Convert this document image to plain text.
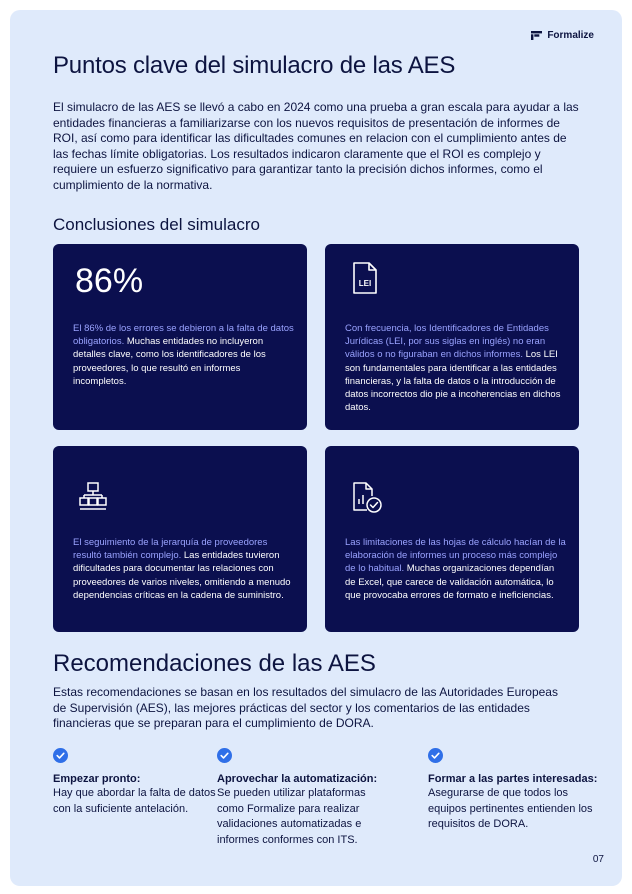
Formalize
Puntos clave del simulacro de las AES

El simulacro de las AES se llevó a cabo en 2024 como una prueba a gran escala para ayudar a las entidades financieras a familiarizarse con los nuevos requisitos de presentación de informes de ROI, así como para identificar las dificultades comunes en relacion con el cumplimiento antes de las fechas límite obligatorias. Los resultados indicaron claramente que el ROI es complejo y requiere un esfuerzo significativo para garantizar tanto la precisión dichos informes, como el cumplimiento de la normativa.

Conclusiones del simulacro
86%

El 86% de los errores se debieron a la falta de datos obligatorios. Muchas entidades no incluyeron detalles clave, como los identificadores de los proveedores, lo que resultó en informes incompletos.

LEI

Con frecuencia, los Identificadores de Entidades Jurídicas (LEI, por sus siglas en inglés) no eran válidos o no figuraban en dichos informes. Los LEI son fundamentales para identificar a las entidades financieras, y la falta de datos o la introducción de datos incorrectos dio pie a incoherencias en dichos datos.

El seguimiento de la jerarquía de proveedores resultó también complejo. Las entidades tuvieron dificultades para documentar las relaciones con proveedores de varios niveles, omitiendo a menudo dependencias críticas en la cadena de suministro.

Las limitaciones de las hojas de cálculo hacían de la elaboración de informes un proceso más complejo de lo habitual. Muchas organizaciones dependían de Excel, que carece de validación automática, lo que provocaba errores de formato e ineficiencias.

Recomendaciones de las AES

Estas recomendaciones se basan en los resultados del simulacro de las Autoridades Europeas de Supervisión (AES), las mejores prácticas del sector y los comentarios de las entidades financieras que se preparan para el cumplimiento de DORA.

Empezar pronto:
Hay que abordar la falta de datos con la suficiente antelación.
Aprovechar la automatización:
Se pueden utilizar plataformas como Formalize para realizar validaciones automatizadas e informes conformes con ITS.
Formar a las partes interesadas:
Asegurarse de que todos los equipos pertinentes entienden los requisitos de DORA.
07
